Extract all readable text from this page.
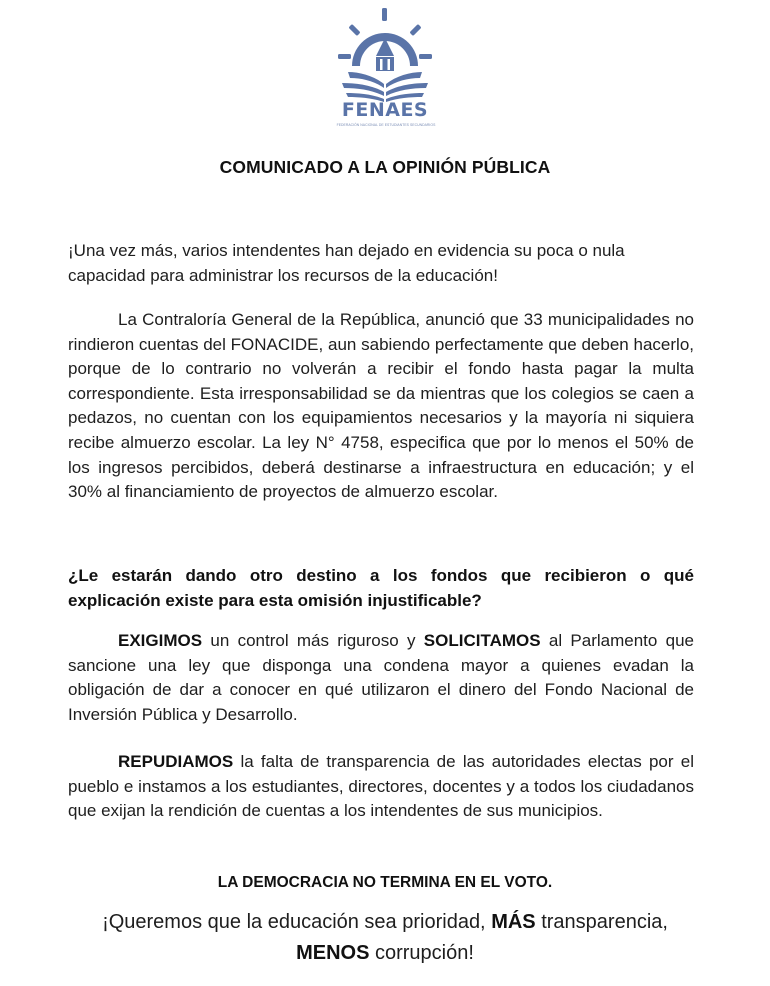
FENAES
FEDERACIÓN NACIONAL DE ESTUDIANTES SECUNDARIOS
COMUNICADO A LA OPINIÓN PÚBLICA
¡Una vez más, varios intendentes han dejado en evidencia su poca o nula capacidad para administrar los recursos de la educación!
La Contraloría General de la República, anunció que 33 municipalidades no rindieron cuentas del FONACIDE, aun sabiendo perfectamente que deben hacerlo, porque de lo contrario no volverán a recibir el fondo hasta pagar la multa correspondiente. Esta irresponsabilidad se da mientras que los colegios se caen a pedazos, no cuentan con los equipamientos necesarios y la mayoría ni siquiera recibe almuerzo escolar. La ley N° 4758, especifica que por lo menos el 50% de los ingresos percibidos, deberá destinarse a infraestructura en educación; y el 30% al financiamiento de proyectos de almuerzo escolar.
¿Le estarán dando otro destino a los fondos que recibieron o qué explicación existe para esta omisión injustificable?
EXIGIMOS un control más riguroso y SOLICITAMOS al Parlamento que sancione una ley que disponga una condena mayor a quienes evadan la obligación de dar a conocer en qué utilizaron el dinero del Fondo Nacional de Inversión Pública y Desarrollo.
REPUDIAMOS la falta de transparencia de las autoridades electas por el pueblo e instamos a los estudiantes, directores, docentes y a todos los ciudadanos que exijan la rendición de cuentas a los intendentes de sus municipios.
LA DEMOCRACIA NO TERMINA EN EL VOTO.
¡Queremos que la educación sea prioridad, MÁS transparencia,
MENOS corrupción!
